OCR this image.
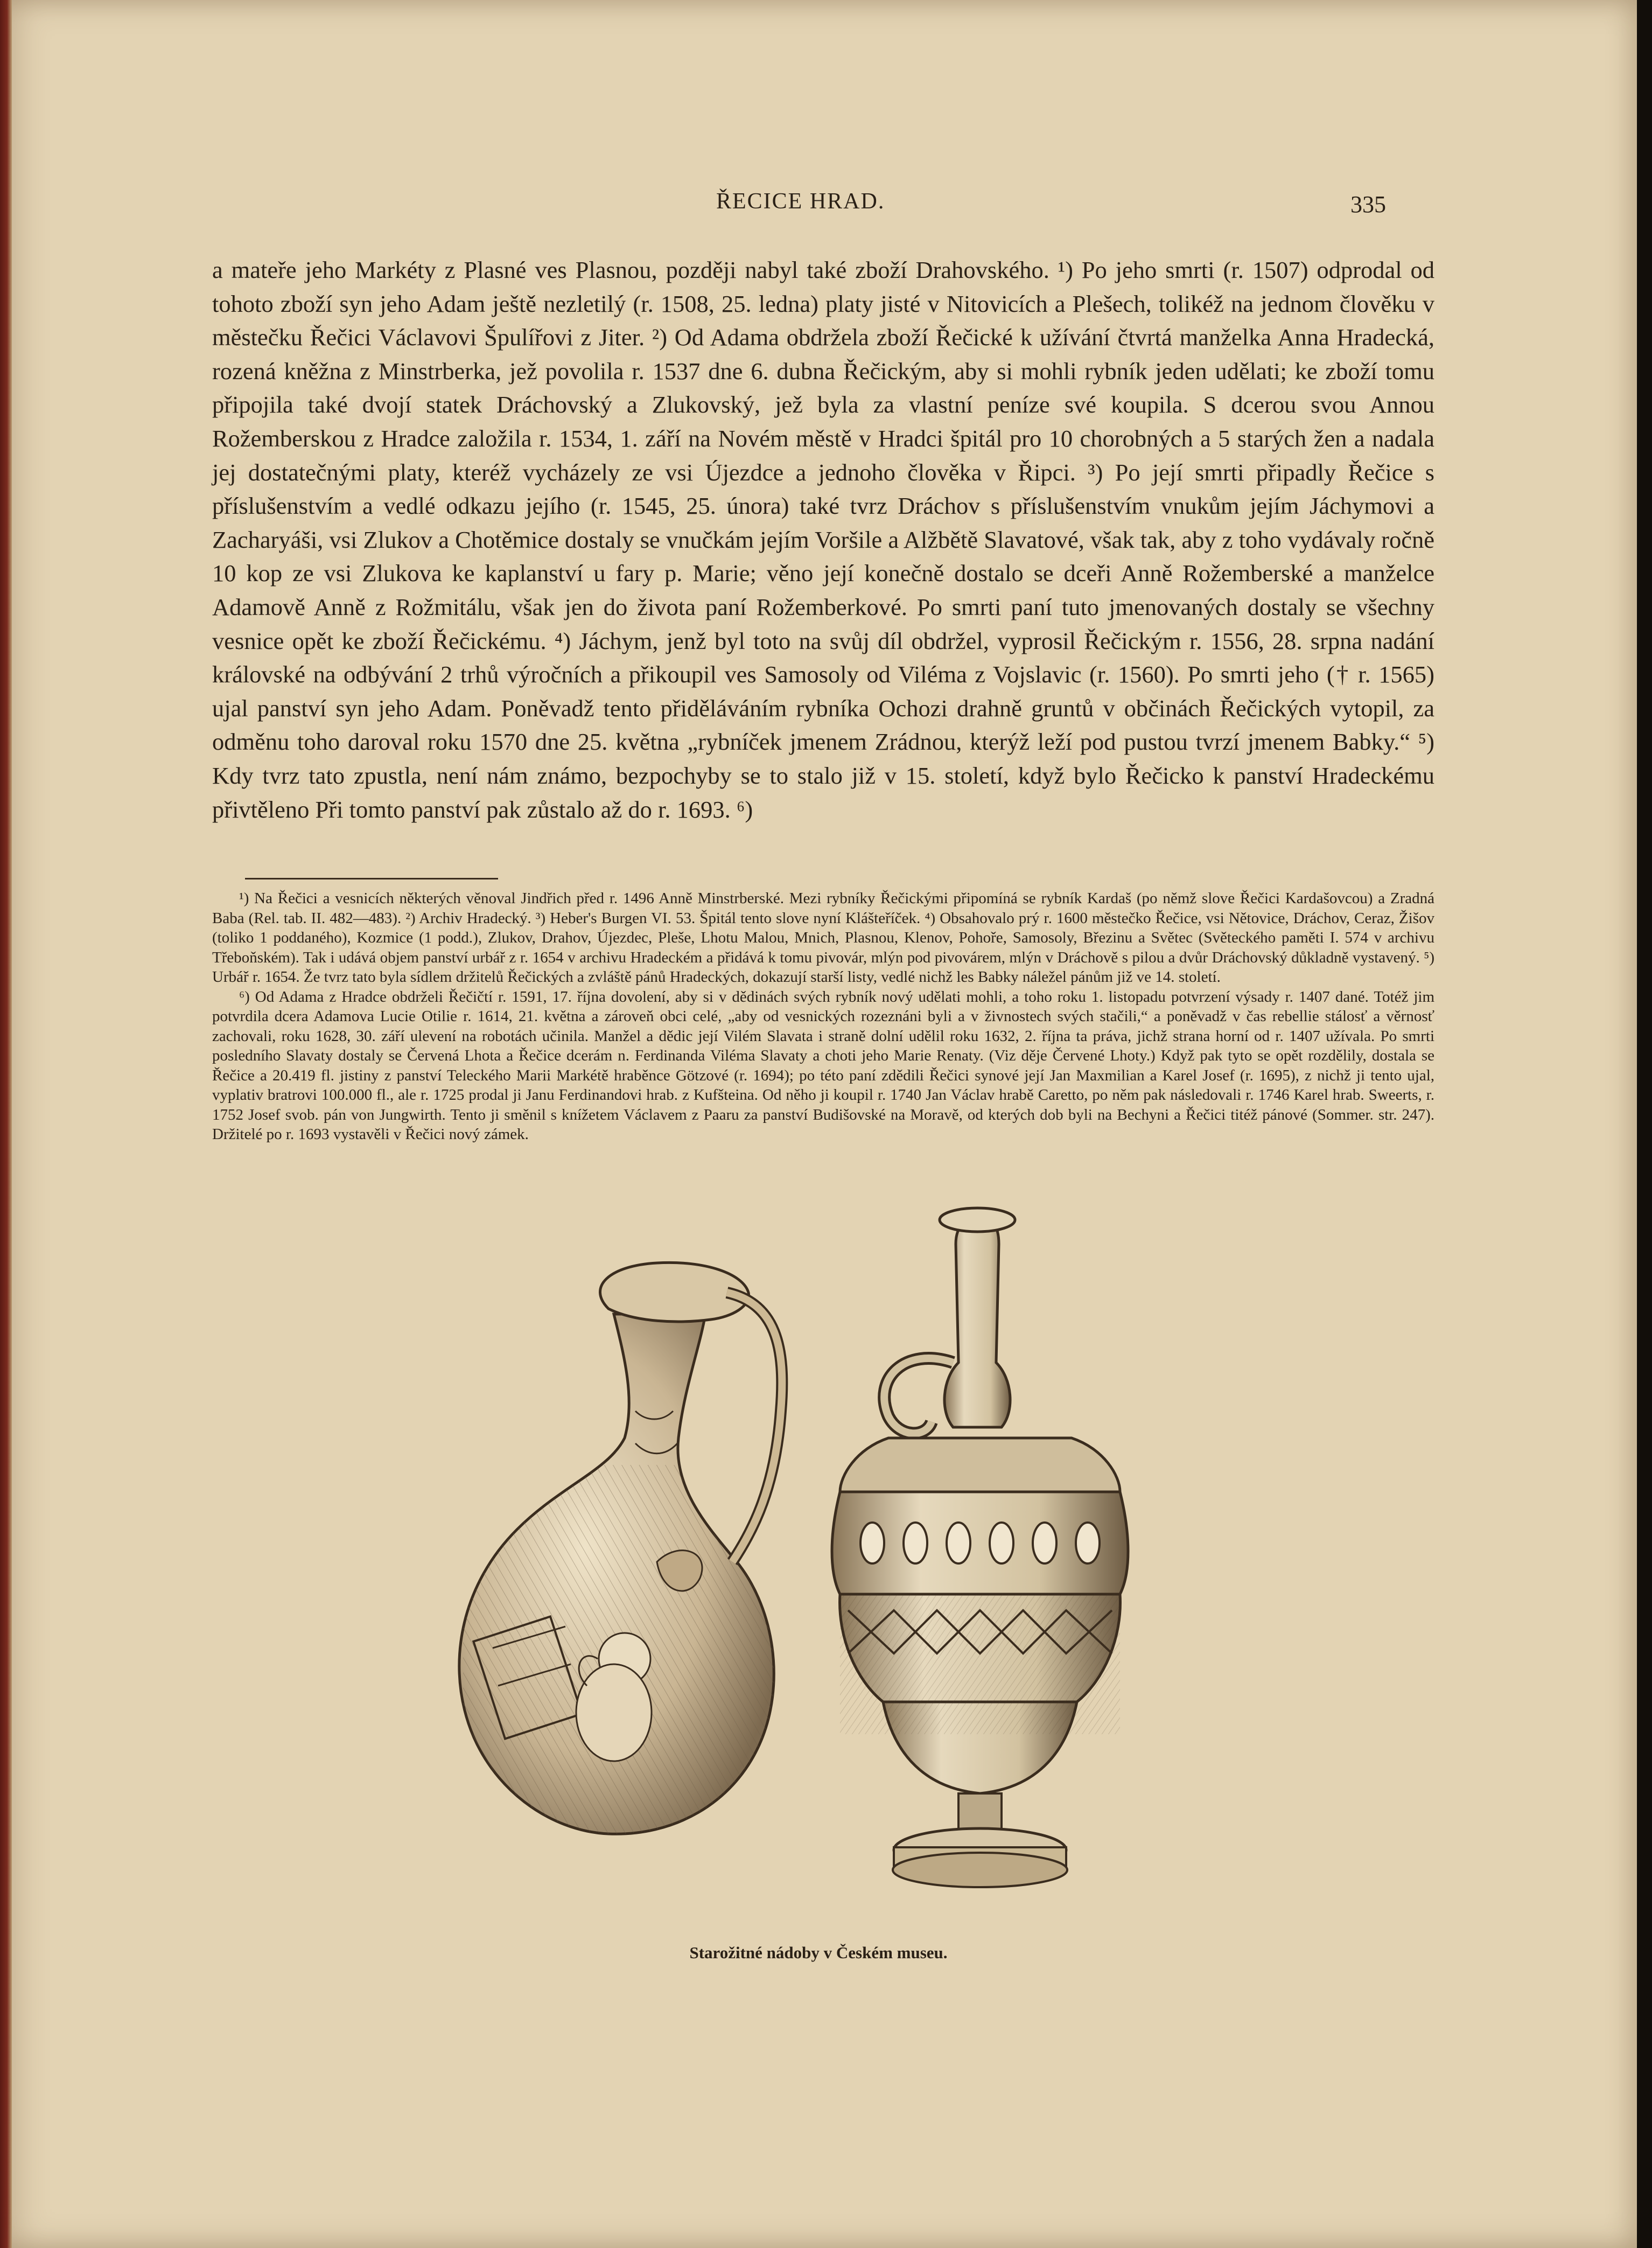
ŘECICE HRAD.	335

a mateře jeho Markéty z Plasné ves Plasnou, později nabyl také zboží Drahovského. ¹) Po jeho smrti (r. 1507) odprodal od tohoto zboží syn jeho Adam ještě nezletilý (r. 1508, 25. ledna) platy jisté v Nitovicích a Plešech, tolikéž na jednom člověku v městečku Řečici Václavovi Špulířovi z Jiter. ²) Od Adama obdržela zboží Řečické k užívání čtvrtá manželka Anna Hradecká, rozená kněžna z Minstrberka, jež povolila r. 1537 dne 6. dubna Řečickým, aby si mohli rybník jeden udělati; ke zboží tomu připojila také dvojí statek Dráchovský a Zlukovský, jež byla za vlastní peníze své koupila. S dcerou svou Annou Rožemberskou z Hradce založila r. 1534, 1. září na Novém městě v Hradci špitál pro 10 chorobných a 5 starých žen a nadala jej dostatečnými platy, kteréž vycházely ze vsi Újezdce a jednoho člověka v Řipci. ³) Po její smrti připadly Řečice s příslušenstvím a vedlé odkazu jejího (r. 1545, 25. února) také tvrz Dráchov s příslušenstvím vnukům jejím Jáchymovi a Zacharyáši, vsi Zlukov a Chotěmice dostaly se vnučkám jejím Voršile a Alžbětě Slavatové, však tak, aby z toho vydávaly ročně 10 kop ze vsi Zlukova ke kaplanství u fary p. Marie; věno její konečně dostalo se dceři Anně Rožemberské a manželce Adamově Anně z Rožmitálu, však jen do života paní Rožemberkové. Po smrti paní tuto jmenovaných dostaly se všechny vesnice opět ke zboží Řečickému. ⁴) Jáchym, jenž byl toto na svůj díl obdržel, vyprosil Řečickým r. 1556, 28. srpna nadání královské na odbývání 2 trhů výročních a přikoupil ves Samosoly od Viléma z Vojslavic (r. 1560). Po smrti jeho († r. 1565) ujal panství syn jeho Adam. Poněvadž tento přiděláváním rybníka Ochozi drahně gruntů v občinách Řečických vytopil, za odměnu toho daroval roku 1570 dne 25. května „rybníček jmenem Zrádnou, kterýž leží pod pustou tvrzí jmenem Babky.“ ⁵) Kdy tvrz tato zpustla, není nám známo, bezpochyby se to stalo již v 15. století, když bylo Řečicko k panství Hradeckému přivtěleno Při tomto panství pak zůstalo až do r. 1693. ⁶)

¹) Na Řečici a vesnicích některých věnoval Jindřich před r. 1496 Anně Minstrberské. Mezi rybníky Řečickými připomíná se rybník Kardaš (po němž slove Řečici Kardašovcou) a Zradná Baba (Rel. tab. II. 482—483). ²) Archiv Hradecký. ³) Heber's Burgen VI. 53. Špitál tento slove nyní Klášteříček. ⁴) Obsahovalo prý r. 1600 městečko Řečice, vsi Nětovice, Dráchov, Ceraz, Žišov (toliko 1 poddaného), Kozmice (1 podd.), Zlukov, Drahov, Újezdec, Pleše, Lhotu Malou, Mnich, Plasnou, Klenov, Pohoře, Samosoly, Březinu a Světec (Světeckého paměti I. 574 v archivu Třeboňském). Tak i udává objem panství urbář z r. 1654 v archivu Hradeckém a přidává k tomu pivovár, mlýn pod pivovárem, mlýn v Dráchově s pilou a dvůr Dráchovský důkladně vystavený. ⁵) Urbář r. 1654. Že tvrz tato byla sídlem držitelů Řečických a zvláště pánů Hradeckých, dokazují starší listy, vedlé nichž les Babky náležel pánům již ve 14. století.

⁶) Od Adama z Hradce obdrželi Řečičtí r. 1591, 17. října dovolení, aby si v dědinách svých rybník nový udělati mohli, a toho roku 1. listopadu potvrzení výsady r. 1407 dané. Totéž jim potvrdila dcera Adamova Lucie Otilie r. 1614, 21. května a zároveň obci celé, „aby od vesnických rozeznáni byli a v živnostech svých stačili,“ a poněvadž v čas rebellie stálosť a věrnosť zachovali, roku 1628, 30. září ulevení na robotách učinila. Manžel a dědic její Vilém Slavata i straně dolní udělil roku 1632, 2. října ta práva, jichž strana horní od r. 1407 užívala. Po smrti posledního Slavaty dostaly se Červená Lhota a Řečice dcerám n. Ferdinanda Viléma Slavaty a choti jeho Marie Renaty. (Viz děje Červené Lhoty.) Když pak tyto se opět rozdělily, dostala se Řečice a 20.419 fl. jistiny z panství Teleckého Marii Markétě hraběnce Götzové (r. 1694); po této paní zdědili Řečici synové její Jan Maxmilian a Karel Josef (r. 1695), z nichž ji tento ujal, vyplativ bratrovi 100.000 fl., ale r. 1725 prodal ji Janu Ferdinandovi hrab. z Kufšteina. Od něho ji koupil r. 1740 Jan Václav hrabě Caretto, po něm pak následovali r. 1746 Karel hrab. Sweerts, r. 1752 Josef svob. pán von Jungwirth. Tento ji směnil s knížetem Václavem z Paaru za panství Budišovské na Moravě, od kterých dob byli na Bechyni a Řečici titéž pánové (Sommer. str. 247). Držitelé po r. 1693 vystavěli v Řečici nový zámek.

Starožitné nádoby v Českém museu.
